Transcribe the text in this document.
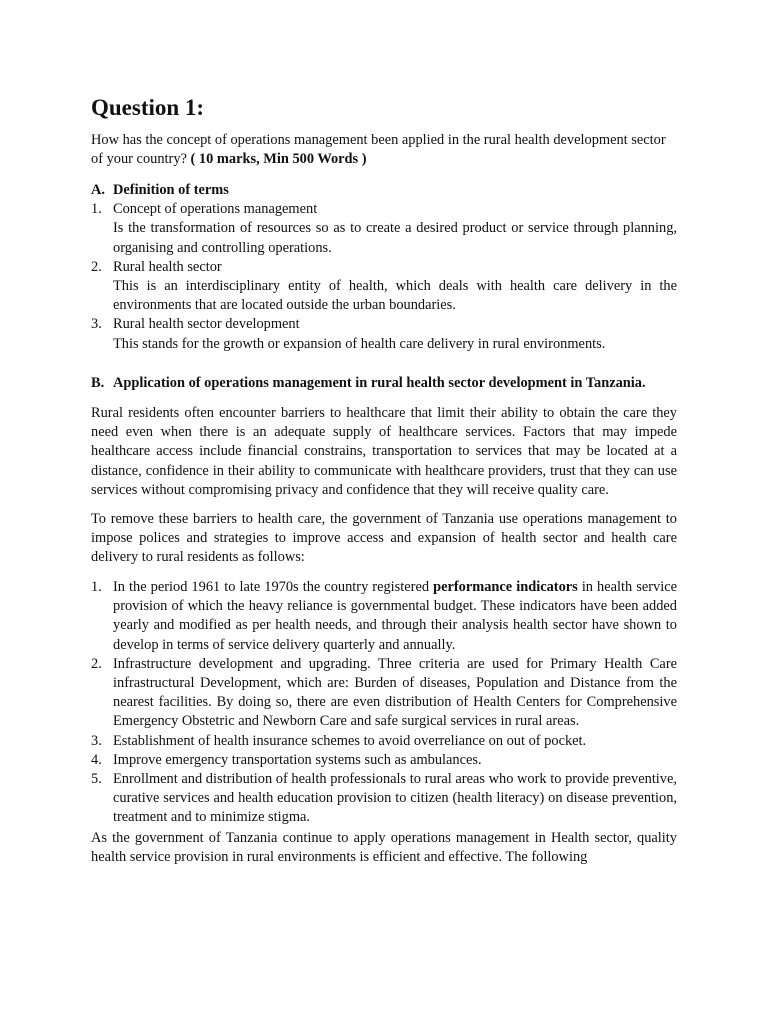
Question 1:

How has the concept of operations management been applied in the rural health development sector of your country? ( 10 marks, Min 500 Words )

A. Definition of terms
1. Concept of operations management
Is the transformation of resources so as to create a desired product or service through planning, organising and controlling operations.
2. Rural health sector
This is an interdisciplinary entity of health, which deals with health care delivery in the environments that are located outside the urban boundaries.
3. Rural health sector development
This stands for the growth or expansion of health care delivery in rural environments.
B. Application of operations management in rural health sector development in Tanzania.

Rural residents often encounter barriers to healthcare that limit their ability to obtain the care they need even when there is an adequate supply of healthcare services. Factors that may impede healthcare access include financial constrains, transportation to services that may be located at a distance, confidence in their ability to communicate with healthcare providers, trust that they can use services without compromising privacy and confidence that they will receive quality care.

To remove these barriers to health care, the government of Tanzania use operations management to impose polices and strategies to improve access and expansion of health sector and health care delivery to rural residents as follows:

1. In the period 1961 to late 1970s the country registered performance indicators in health service provision of which the heavy reliance is governmental budget. These indicators have been added yearly and modified as per health needs, and through their analysis health sector have shown to develop in terms of service delivery quarterly and annually.
2. Infrastructure development and upgrading. Three criteria are used for Primary Health Care infrastructural Development, which are: Burden of diseases, Population and Distance from the nearest facilities. By doing so, there are even distribution of Health Centers for Comprehensive Emergency Obstetric and Newborn Care and safe surgical services in rural areas.
3. Establishment of health insurance schemes to avoid overreliance on out of pocket.
4. Improve emergency transportation systems such as ambulances.
5. Enrollment and distribution of health professionals to rural areas who work to provide preventive, curative services and health education provision to citizen (health literacy) on disease prevention, treatment and to minimize stigma.

As the government of Tanzania continue to apply operations management in Health sector, quality health service provision in rural environments is efficient and effective. The following
